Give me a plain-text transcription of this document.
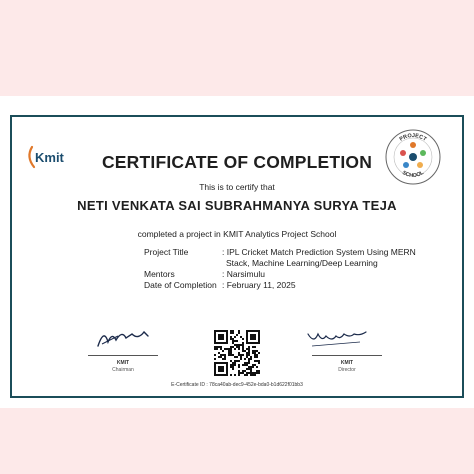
Kmit
PROJECT
SCHOOL
CERTIFICATE OF COMPLETION
This is to certify that
NETI VENKATA SAI SUBRAHMANYA SURYA TEJA
completed a project in KMIT Analytics Project School
Project Title	: IPL Cricket Match Prediction System Using MERN
Stack, Machine Learning/Deep Learning
Mentors	: Narsimulu
Date of Completion : February 11, 2025
KMIT
Chairman
KMIT
Director
E-Certificate ID : 78ca40ab-dec9-452e-bda0-b1d622f01bb3
